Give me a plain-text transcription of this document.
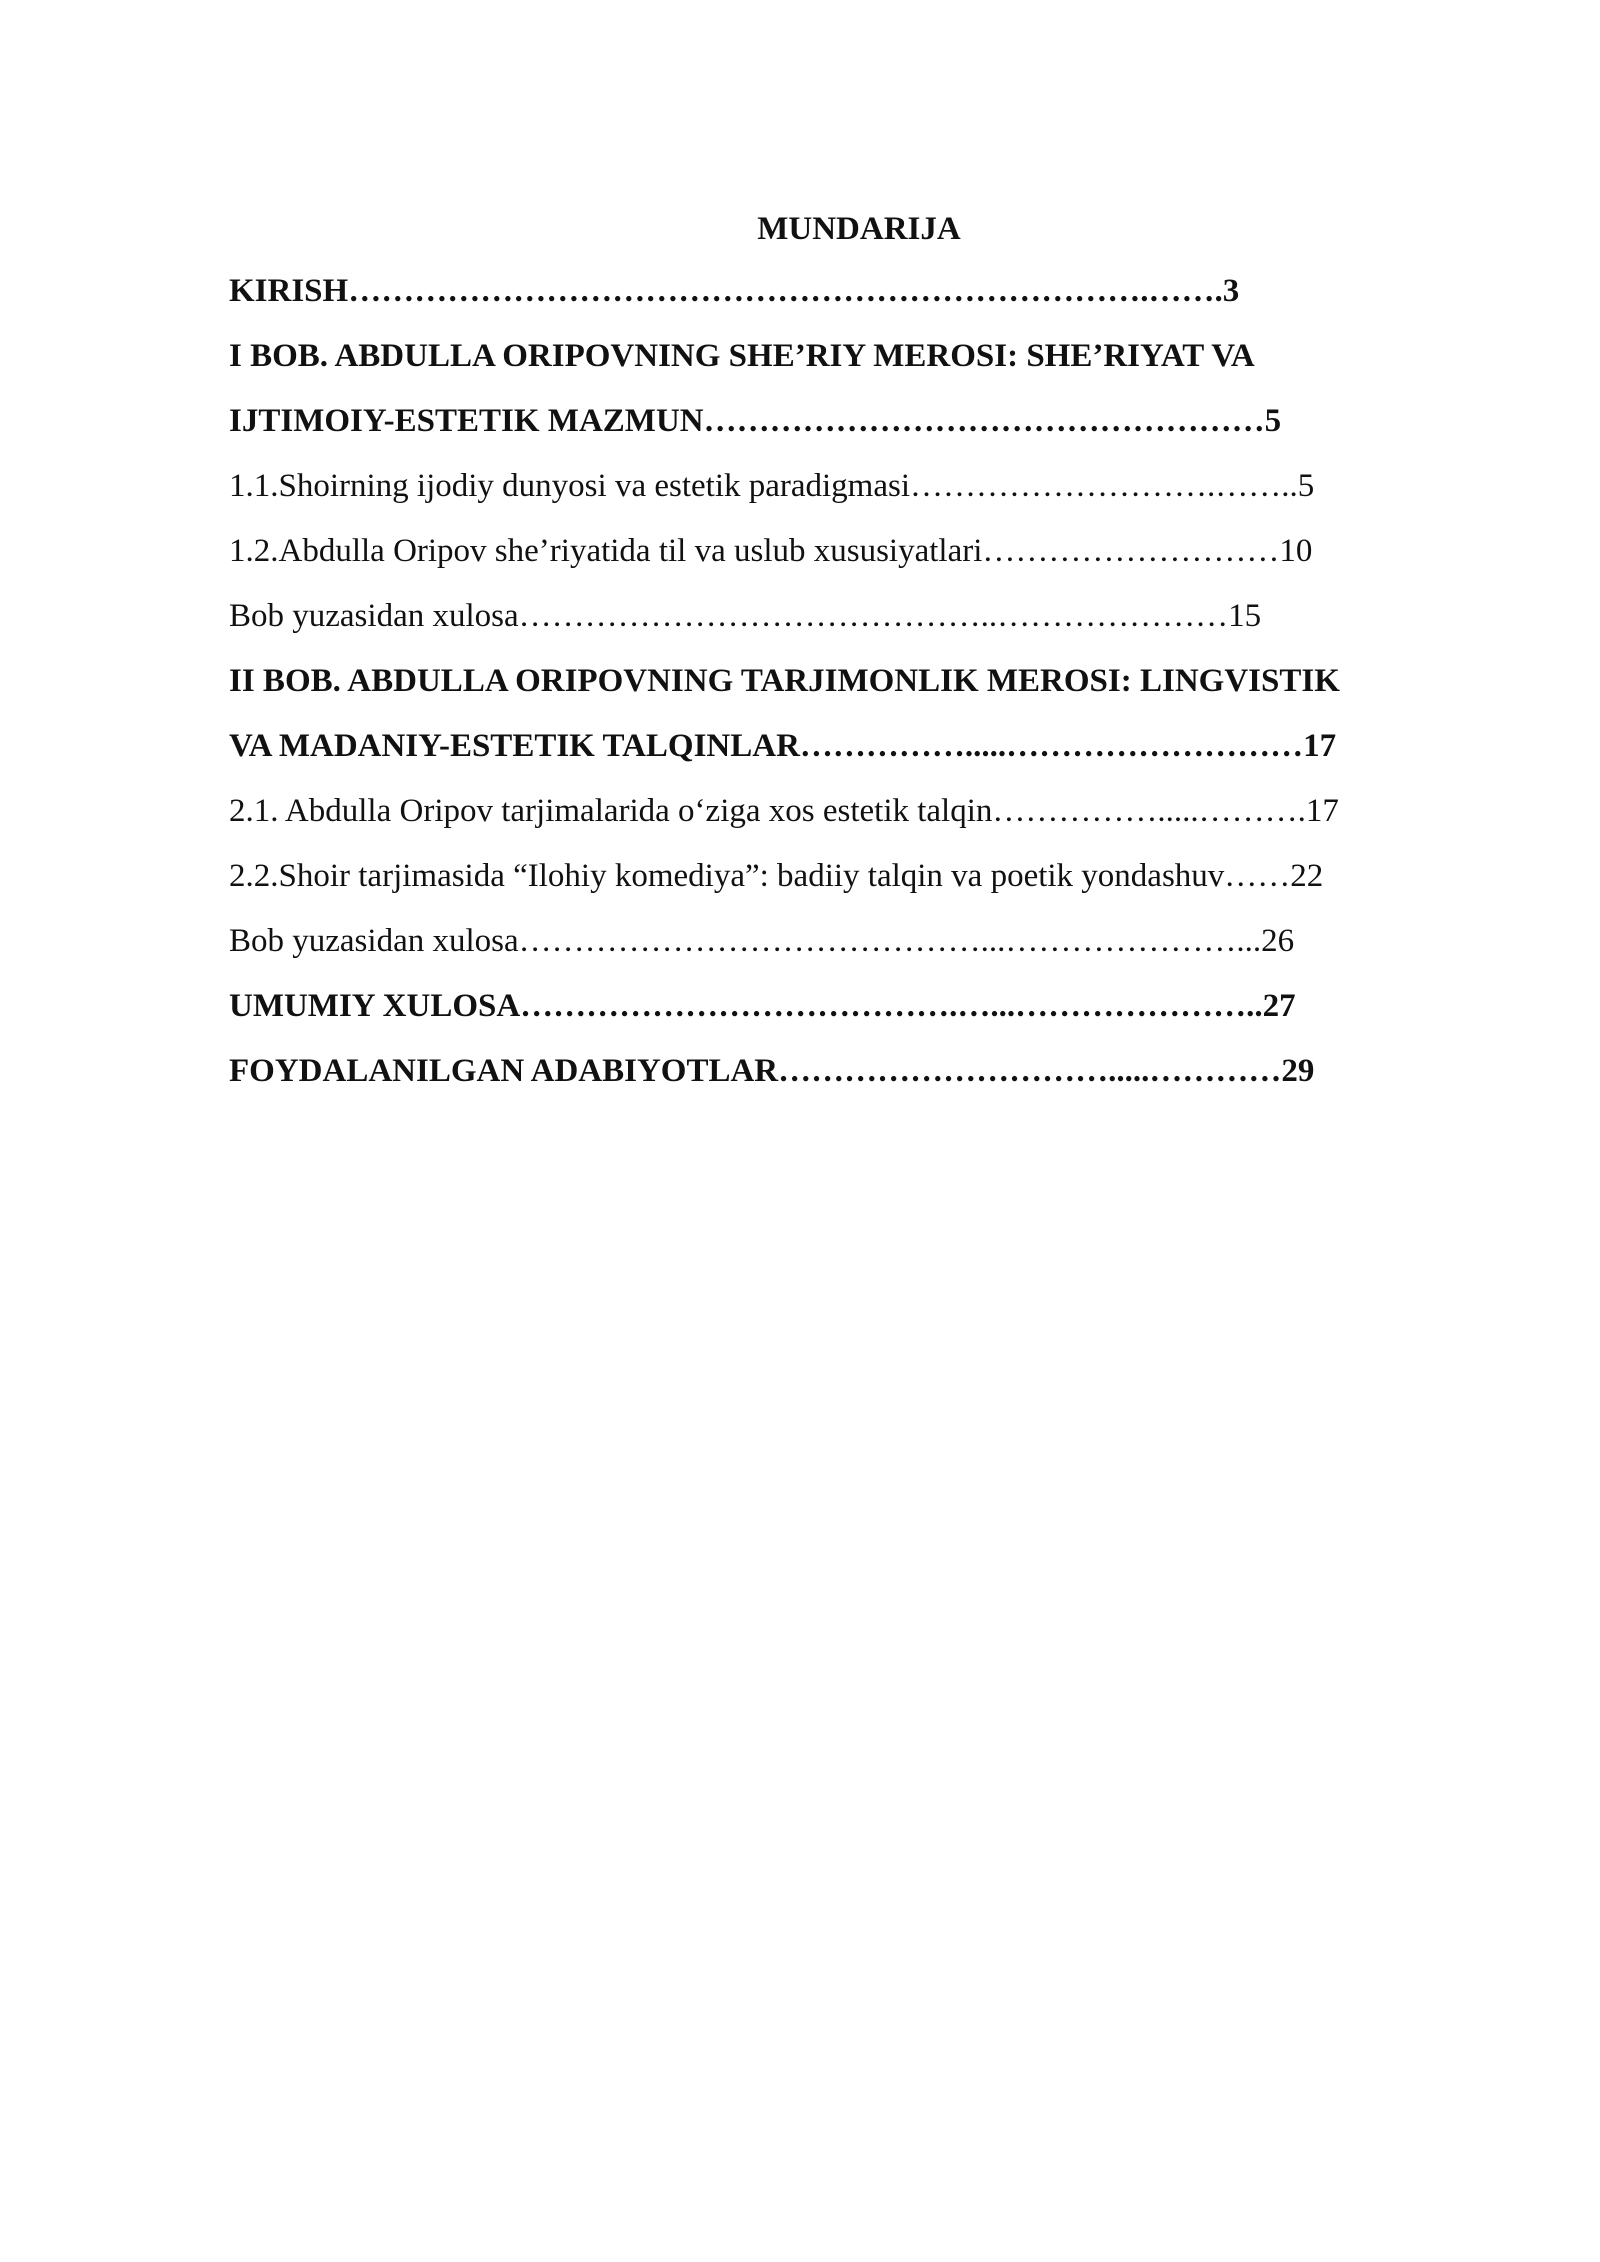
MUNDARIJA
KIRISH……………………………………………………………….…….3
I BOB. ABDULLA ORIPOVNING SHE’RIY MEROSI: SHE’RIYAT VA
IJTIMOIY-ESTETIK MAZMUN……………………………………………5
1.1.Shoirning ijodiy dunyosi va estetik paradigmasi……………………….……..5
1.2.Abdulla Oripov she’riyatida til va uslub xususiyatlari………………………10
Bob yuzasidan xulosa……………………………………..…………………15
II BOB. ABDULLA ORIPOVNING TARJIMONLIK MEROSI: LINGVISTIK
VA MADANIY-ESTETIK TALQINLAR…………….....………………………17
2.1. Abdulla Oripov tarjimalarida o‘ziga xos estetik talqin…………….....……….17
2.2.Shoir tarjimasida “Ilohiy komediya”: badiiy talqin va poetik yondashuv……22
Bob yuzasidan xulosa……………………………………...…………………...26
UMUMIY XULOSA………………………………….…...…………………..27
FOYDALANILGAN ADABIYOTLAR………………………….....…………29
